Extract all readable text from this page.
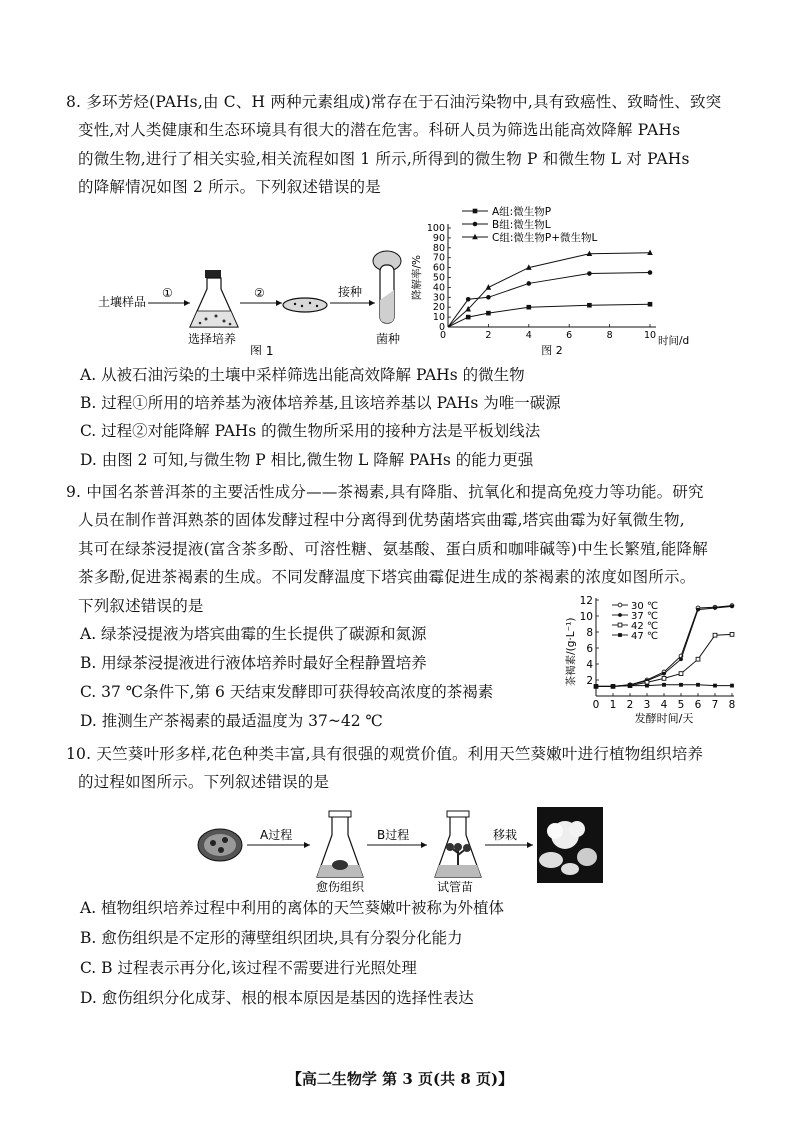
8. 多环芳烃(PAHs,由 C、H 两种元素组成)常存在于石油污染物中,具有致癌性、致畸性、致突
变性,对人类健康和生态环境具有很大的潜在危害。科研人员为筛选出能高效降解 PAHs
的微生物,进行了相关实验,相关流程如图 1 所示,所得到的微生物 P 和微生物 L 对 PAHs
的降解情况如图 2 所示。下列叙述错误的是
土壤样品
①
选择培养
②	接种
菌种
图 1
0
10
20
30
40
50
60
70
80
90
100
2	4	6	8	10
0	时间/d
降解率/%
图 2
A组:微生物P
B组:微生物L
C组:微生物P+微生物L
A. 从被石油污染的土壤中采样筛选出能高效降解 PAHs 的微生物
B. 过程①所用的培养基为液体培养基,且该培养基以 PAHs 为唯一碳源
C. 过程②对能降解 PAHs 的微生物所采用的接种方法是平板划线法
D. 由图 2 可知,与微生物 P 相比,微生物 L 降解 PAHs 的能力更强
9. 中国名茶普洱茶的主要活性成分——茶褐素,具有降脂、抗氧化和提高免疫力等功能。研究
人员在制作普洱熟茶的固体发酵过程中分离得到优势菌塔宾曲霉,塔宾曲霉为好氧微生物,
其可在绿茶浸提液(富含茶多酚、可溶性糖、氨基酸、蛋白质和咖啡碱等)中生长繁殖,能降解
茶多酚,促进茶褐素的生成。不同发酵温度下塔宾曲霉促进生成的茶褐素的浓度如图所示。
下列叙述错误的是
A. 绿茶浸提液为塔宾曲霉的生长提供了碳源和氮源
B. 用绿茶浸提液进行液体培养时最好全程静置培养
C. 37 ℃条件下,第 6 天结束发酵即可获得较高浓度的茶褐素
D. 推测生产茶褐素的最适温度为 37~42 ℃
2
4
6
8
10
12
0 1 2 3 4 5 6 7 8
发酵时间/天
茶褐素/(g·L⁻¹)
30 ℃
37 ℃
42 ℃
47 ℃
10. 天竺葵叶形多样,花色种类丰富,具有很强的观赏价值。利用天竺葵嫩叶进行植物组织培养
的过程如图所示。下列叙述错误的是
A过程
愈伤组织
B过程
试管苗
移栽
A. 植物组织培养过程中利用的离体的天竺葵嫩叶被称为外植体
B. 愈伤组织是不定形的薄壁组织团块,具有分裂分化能力
C. B 过程表示再分化,该过程不需要进行光照处理
D. 愈伤组织分化成芽、根的根本原因是基因的选择性表达
【高二生物学 第 3 页(共 8 页)】
